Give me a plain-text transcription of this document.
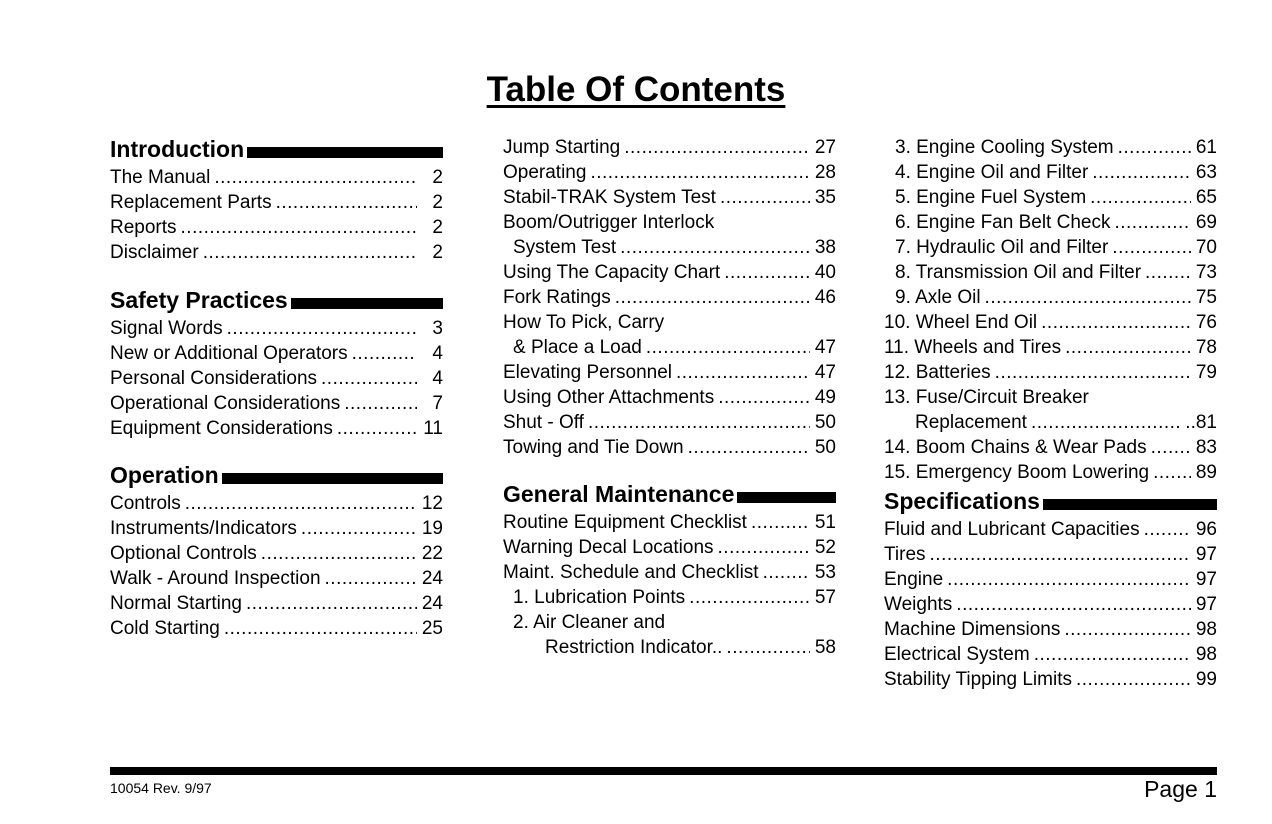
Table Of Contents
Introduction
The Manual .....	2
Replacement Parts .....	2
Reports .....	2
Disclaimer .....	2
Safety Practices
Signal Words .....	3
New or Additional Operators .....	4
Personal Considerations .....	4
Operational Considerations .....	7
Equipment Considerations .....	11
Operation
Controls .....	12
Instruments/Indicators .....	19
Optional Controls .....	22
Walk - Around Inspection .....	24
Normal Starting .....	24
Cold Starting .....	25
Jump Starting .....	27
Operating .....	28
Stabil-TRAK System Test .....	35
Boom/Outrigger Interlock
System Test .....	38
Using The Capacity Chart .....	40
Fork Ratings .....	46
How To Pick, Carry
& Place a Load .....	47
Elevating Personnel .....	47
Using Other Attachments .....	49
Shut - Off .....	50
Towing and Tie Down .....	50
General Maintenance
Routine Equipment Checklist .....	51
Warning Decal Locations .....	52
Maint. Schedule and Checklist .....	53
1. Lubrication Points .....	57
2. Air Cleaner and
Restriction Indicator.. .....	58
3. Engine Cooling System .....	61
4. Engine Oil and Filter .....	63
5. Engine Fuel System .....	65
6. Engine Fan Belt Check .....	69
7. Hydraulic Oil and Filter .....	70
8. Transmission Oil and Filter .....	73
9. Axle Oil .....	75
10. Wheel End Oil .....	76
11. Wheels and Tires .....	78
12. Batteries .....	79
13. Fuse/Circuit Breaker
Replacement .....	..81
14. Boom Chains & Wear Pads .....	83
15. Emergency Boom Lowering ..... 89
Specifications
Fluid and Lubricant Capacities .....	96
Tires .....	97
Engine .....	97
Weights .....	97
Machine Dimensions .....	98
Electrical System .....	98
Stability Tipping Limits .....	99
10054 Rev. 9/97	Page 1
